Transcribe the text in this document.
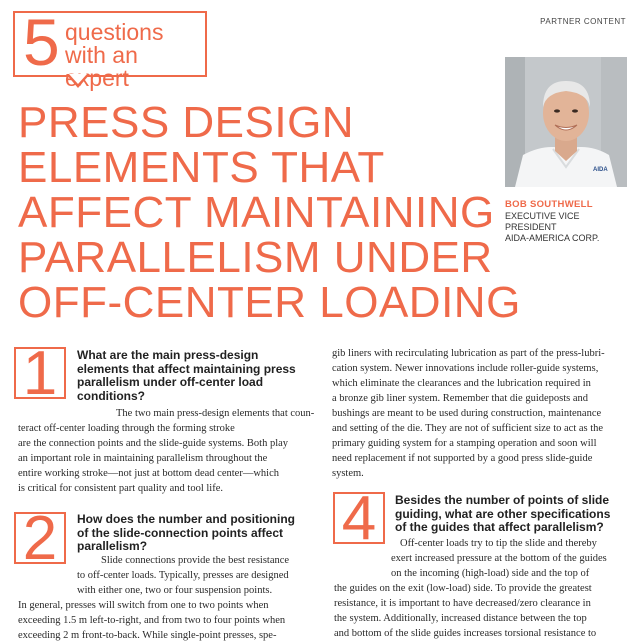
5 questions
with an expert
PARTNER CONTENT
PRESS DESIGN
ELEMENTS THAT
AFFECT MAINTAINING
PARALLELISM UNDER
OFF-CENTER LOADING
AIDA
BOB SOUTHWELL
EXECUTIVE VICE
PRESIDENT
AIDA-AMERICA CORP.
1	What are the main press-design
elements that affect maintaining press
parallelism under off-center load
conditions?
The two main press-design elements that coun-
teract off-center loading through the forming stroke
are the connection points and the slide-guide systems. Both play
an important role in maintaining parallelism throughout the
entire working stroke—not just at bottom dead center—which
is critical for consistent part quality and tool life.
2	How does the number and positioning
of the slide-connection points affect
parallelism?
Slide connections provide the best resistance
to off-center loads. Typically, presses are designed
with either one, two or four suspension points.
In general, presses will switch from one to two points when
exceeding 1.5 m left-to-right, and from two to four points when
exceeding 2 m front-to-back. While single-point presses, spe-
gib liners with recirculating lubrication as part of the press-lubri-
cation system. Newer innovations include roller-guide systems,
which eliminate the clearances and the lubrication required in
a bronze gib liner system. Remember that die guideposts and
bushings are meant to be used during construction, maintenance
and setting of the die. They are not of sufficient size to act as the
primary guiding system for a stamping operation and soon will
need replacement if not supported by a good press slide-guide
system.
4	Besides the number of points of slide
guiding, what are other specifications
of the guides that affect parallelism?
Off-center loads try to tip the slide and thereby
exert increased pressure at the bottom of the guides
on the incoming (high-load) side and the top of
the guides on the exit (low-load) side. To provide the greatest
resistance, it is important to have decreased/zero clearance in
the system. Additionally, increased distance between the top
and bottom of the slide guides increases torsional resistance to
